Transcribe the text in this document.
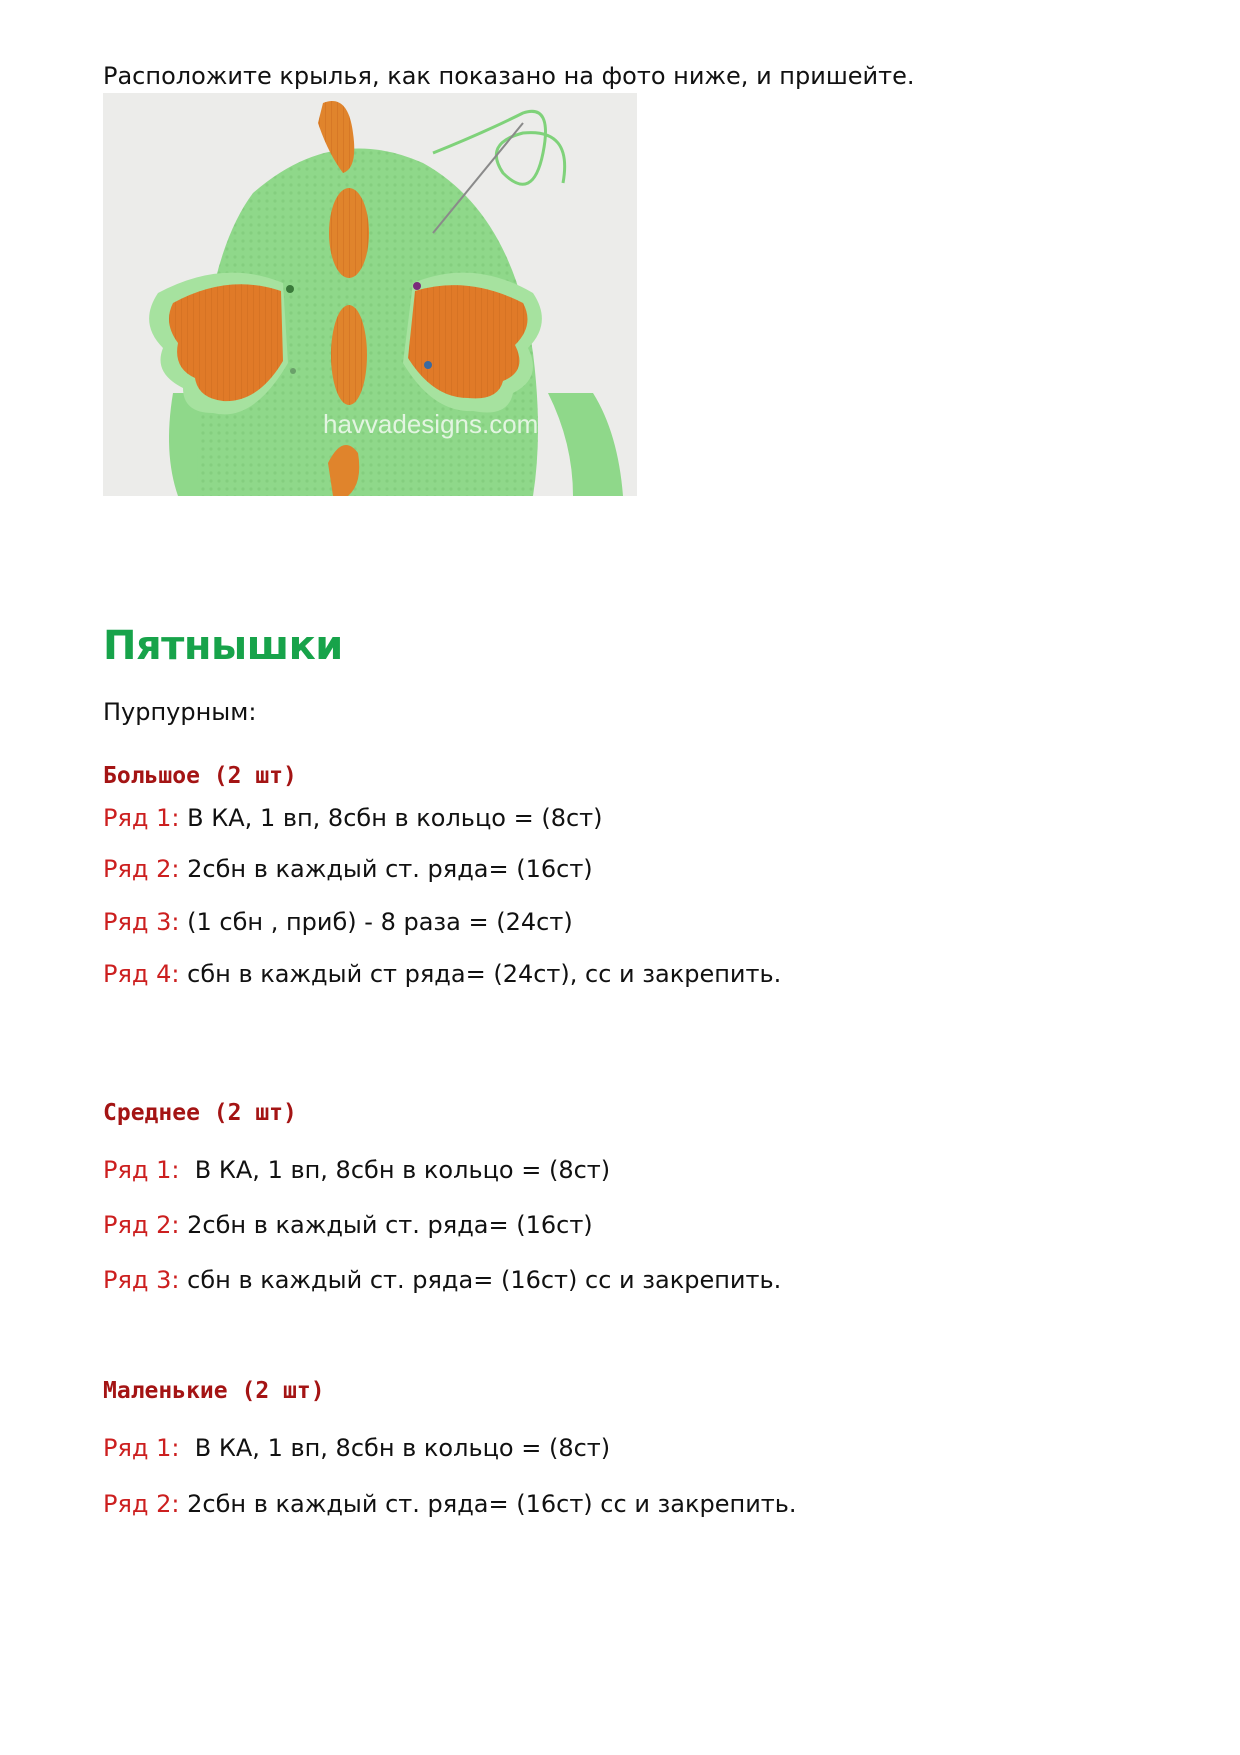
Расположите крылья, как показано на фото ниже, и пришейте.
havvadesigns.com
Пятнышки
Пурпурным:
Большое (2 шт)
Ряд 1: В КА, 1 вп, 8сбн в кольцо = (8ст)
Ряд 2: 2сбн в каждый ст. ряда= (16ст)
Ряд 3: (1 сбн , приб) - 8 раза = (24ст)
Ряд 4: сбн в каждый ст ряда= (24ст), сс и закрепить.
Среднее (2 шт)
Ряд 1:  В КА, 1 вп, 8сбн в кольцо = (8ст)
Ряд 2: 2сбн в каждый ст. ряда= (16ст)
Ряд 3: сбн в каждый ст. ряда= (16ст) сс и закрепить.
Маленькие (2 шт)
Ряд 1:  В КА, 1 вп, 8сбн в кольцо = (8ст)
Ряд 2: 2сбн в каждый ст. ряда= (16ст) сс и закрепить.
